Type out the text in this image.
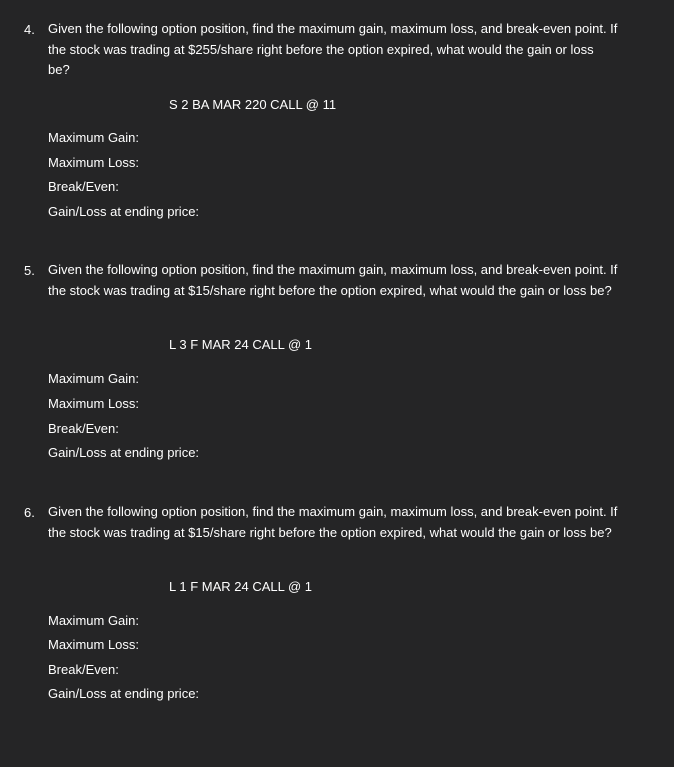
4. Given the following option position, find the maximum gain, maximum loss, and break-even point. If the stock was trading at $255/share right before the option expired, what would the gain or loss be?
S 2 BA MAR 220 CALL @ 11
Maximum Gain:
Maximum Loss:
Break/Even:
Gain/Loss at ending price:
5. Given the following option position, find the maximum gain, maximum loss, and break-even point. If the stock was trading at $15/share right before the option expired, what would the gain or loss be?
L 3 F MAR 24 CALL @ 1
Maximum Gain:
Maximum Loss:
Break/Even:
Gain/Loss at ending price:
6. Given the following option position, find the maximum gain, maximum loss, and break-even point. If the stock was trading at $15/share right before the option expired, what would the gain or loss be?
L 1 F MAR 24 CALL @ 1
Maximum Gain:
Maximum Loss:
Break/Even:
Gain/Loss at ending price:
